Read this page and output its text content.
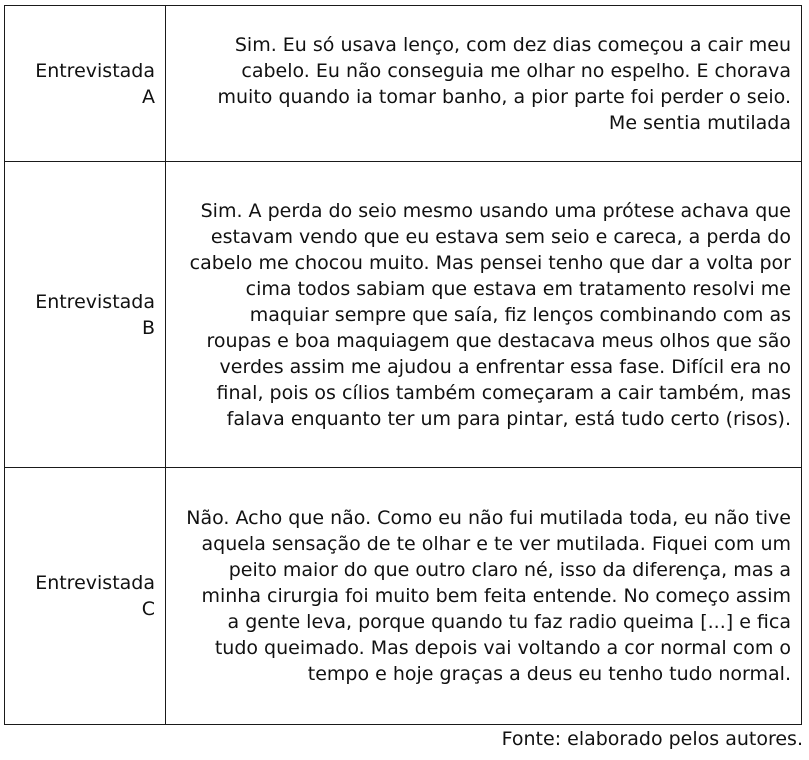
Entrevistada
A	Sim. Eu só usava lenço, com dez dias começou a cair meu cabelo. Eu não conseguia me olhar no espelho. E chorava muito quando ia tomar banho, a pior parte foi perder o seio. Me sentia mutilada

Entrevistada
B	Sim. A perda do seio mesmo usando uma prótese achava que estavam vendo que eu estava sem seio e careca, a perda do cabelo me chocou muito. Mas pensei tenho que dar a volta por cima todos sabiam que estava em tratamento resolvi me maquiar sempre que saía, fiz lenços combinando com as roupas e boa maquiagem que destacava meus olhos que são verdes assim me ajudou a enfrentar essa fase. Difícil era no final, pois os cílios também começaram a cair também, mas falava enquanto ter um para pintar, está tudo certo (risos).

Entrevistada
C	Não. Acho que não. Como eu não fui mutilada toda, eu não tive aquela sensação de te olhar e te ver mutilada. Fiquei com um peito maior do que outro claro né, isso da diferença, mas a minha cirurgia foi muito bem feita entende. No começo assim a gente leva, porque quando tu faz radio queima [...] e fica tudo queimado. Mas depois vai voltando a cor normal com o tempo e hoje graças a deus eu tenho tudo normal.
Fonte: elaborado pelos autores.
